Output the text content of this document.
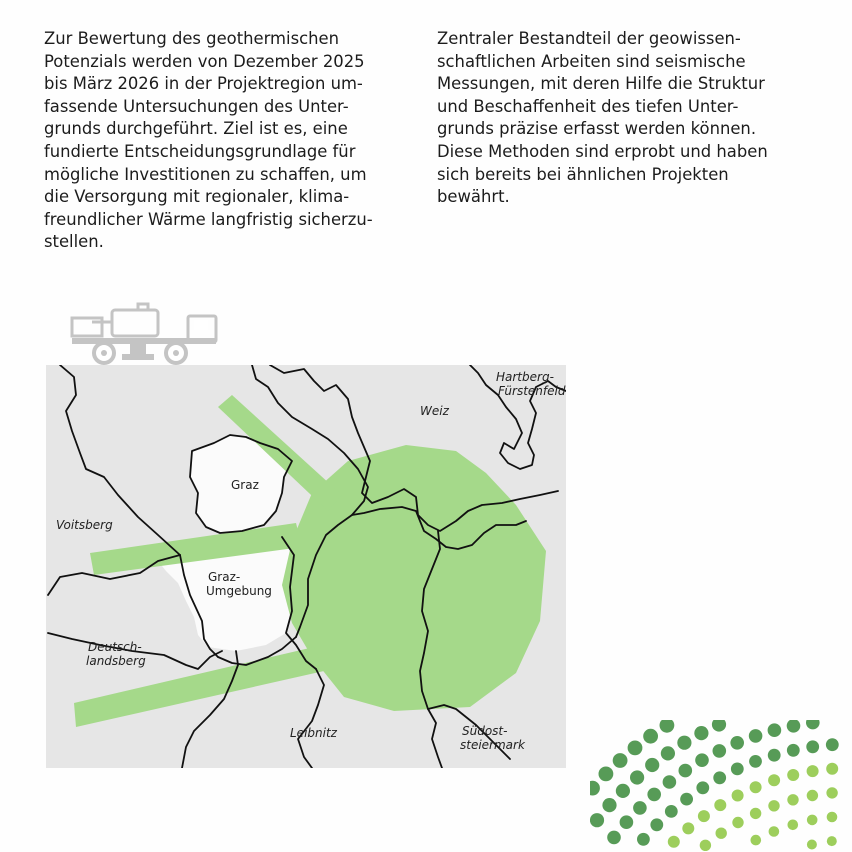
Zur Bewertung des geothermischen
Potenzials werden von Dezember 2025
bis März 2026 in der Projektregion um-
fassende Untersuchungen des Unter-
grunds durchgeführt. Ziel ist es, eine
fundierte Entscheidungsgrundlage für
mögliche Investitionen zu schaffen, um
die Versorgung mit regionaler, klima-
freundlicher Wärme langfristig sicherzu-
stellen.
Zentraler Bestandteil der geowissen-
schaftlichen Arbeiten sind seismische
Messungen, mit deren Hilfe die Struktur
und Beschaffenheit des tiefen Unter-
grunds präzise erfasst werden können.
Diese Methoden sind erprobt und haben
sich bereits bei ähnlichen Projekten
bewährt.
Hartberg-
Fürstenfeld
Weiz
Graz
Voitsberg
Graz-
Umgebung
Deutsch-
landsberg
Leibnitz	Südost-
steiermark
